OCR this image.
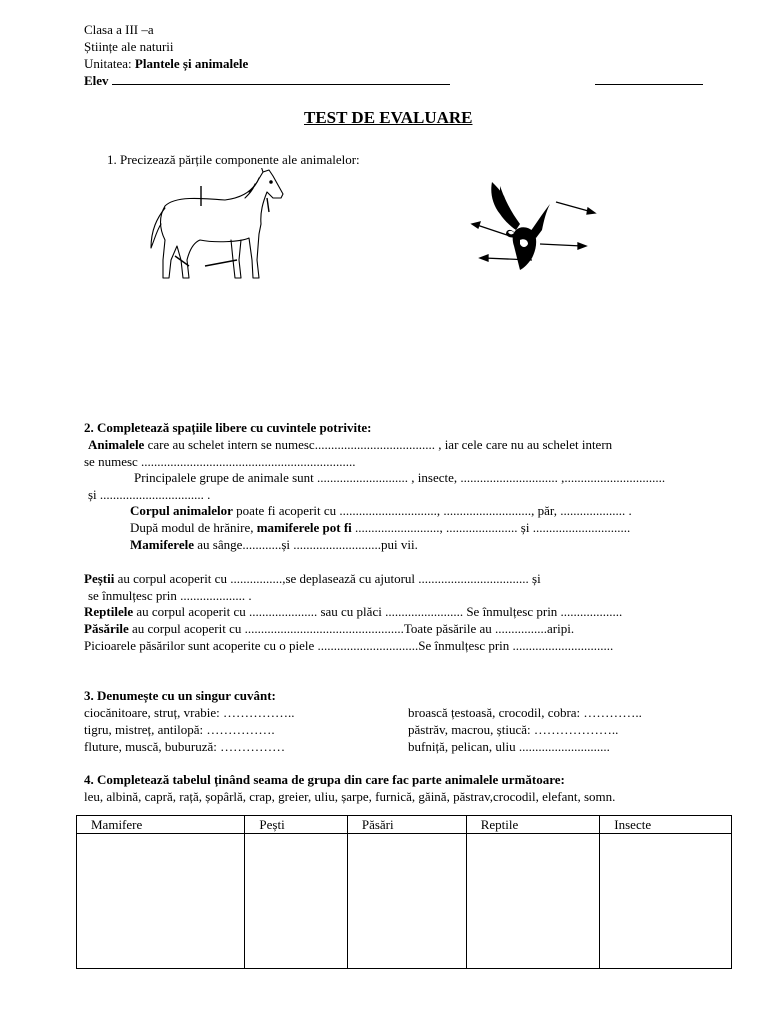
Clasa a III –a
Științe ale naturii
Unitatea: Plantele și animalele
Elev
TEST DE EVALUARE
1. Precizează părțile componente ale animalelor:
2. Completează spațiile libere cu cuvintele potrivite:
Animalele care au schelet intern se numesc..................................... , iar cele care nu au schelet intern
se numesc ..................................................................
Principalele grupe de animale sunt ............................ , insecte, .............................. ,...............................
și ................................ .
Corpul animalelor poate fi acoperit cu .............................., ..........................., păr, .................... .
După modul de hrănire, mamiferele pot fi .........................., ...................... și ..............................
Mamiferele au sânge............și ...........................pui vii.
Peștii au corpul acoperit cu ................,se deplasează cu ajutorul .................................. și
se înmulțesc prin .................... .
Reptilele au corpul acoperit cu ..................... sau cu plăci ........................ Se înmulțesc prin ...................
Păsările au corpul acoperit cu .................................................Toate păsările au ................aripi.
Picioarele păsărilor sunt acoperite cu o piele ...............................Se înmulțesc prin ...............................
3. Denumește cu un singur cuvânt:
ciocănitoare, struț, vrabie: ……………..
tigru, mistreț, antilopă: …………….
fluture, muscă, buburuză: ……………
broască țestoasă, crocodil, cobra: …………..
păstrăv, macrou, știucă: ………………..
bufniță, pelican, uliu ............................
4. Completează tabelul ținând seama de grupa din care fac parte animalele următoare:
leu, albină, capră, rață, șopârlă, crap, greier, uliu, șarpe, furnică, găină, păstrav,crocodil, elefant, somn.
Mamifere	Pești	Păsări	Reptile	Insecte
